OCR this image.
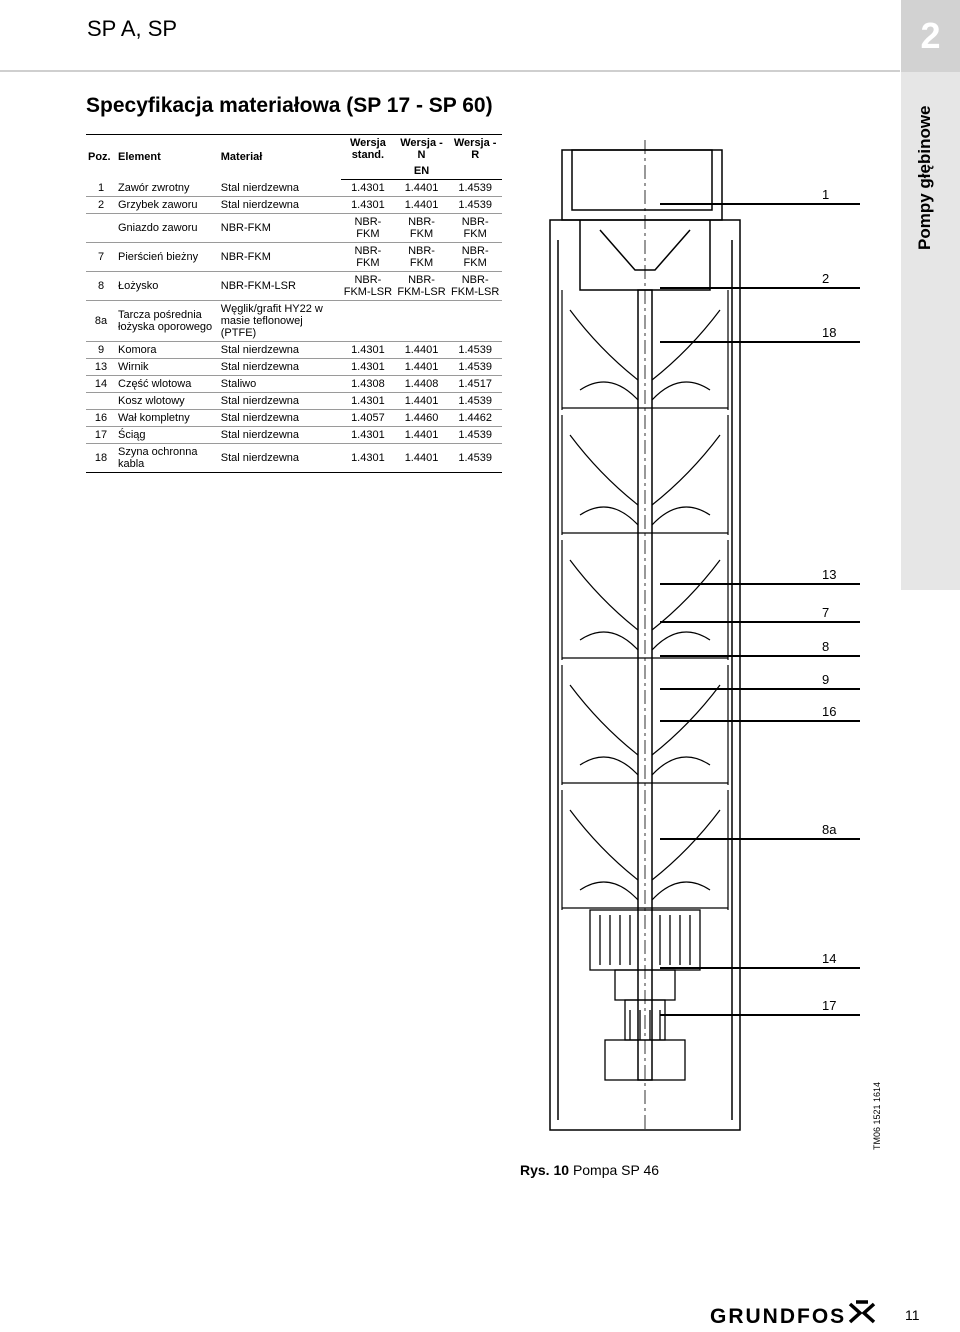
SP A, SP	2
Pompy głębinowe
Specyfikacja materiałowa (SP 17 - SP 60)
Poz.	Element	Materiał	Wersja stand.	Wersja -N	Wersja -R
			EN		
1	Zawór zwrotny	Stal nierdzewna	1.4301	1.4401	1.4539
2	Grzybek zaworu	Stal nierdzewna	1.4301	1.4401	1.4539
	Gniazdo zaworu	NBR-FKM	NBR-FKM	NBR-FKM	NBR-FKM
7	Pierścień bieżny	NBR-FKM	NBR-FKM	NBR-FKM	NBR-FKM
8	Łożysko	NBR-FKM-LSR	NBR-FKM-LSR	NBR-FKM-LSR	NBR-FKM-LSR
8a	Tarcza pośrednia łożyska oporowego	Węglik/grafit HY22 w masie teflonowej (PTFE)			
9	Komora	Stal nierdzewna	1.4301	1.4401	1.4539
13	Wirnik	Stal nierdzewna	1.4301	1.4401	1.4539
14	Część wlotowa	Staliwo	1.4308	1.4408	1.4517
	Kosz wlotowy	Stal nierdzewna	1.4301	1.4401	1.4539
16	Wał kompletny	Stal nierdzewna	1.4057	1.4460	1.4462
17	Ściąg	Stal nierdzewna	1.4301	1.4401	1.4539
18	Szyna ochronna kabla	Stal nierdzewna	1.4301	1.4401	1.4539
1
2
18
13
7
8
9
16
8a
14
17
Rys. 10 Pompa SP 46
TM06 1521 1614
GRUNDFOS	11
